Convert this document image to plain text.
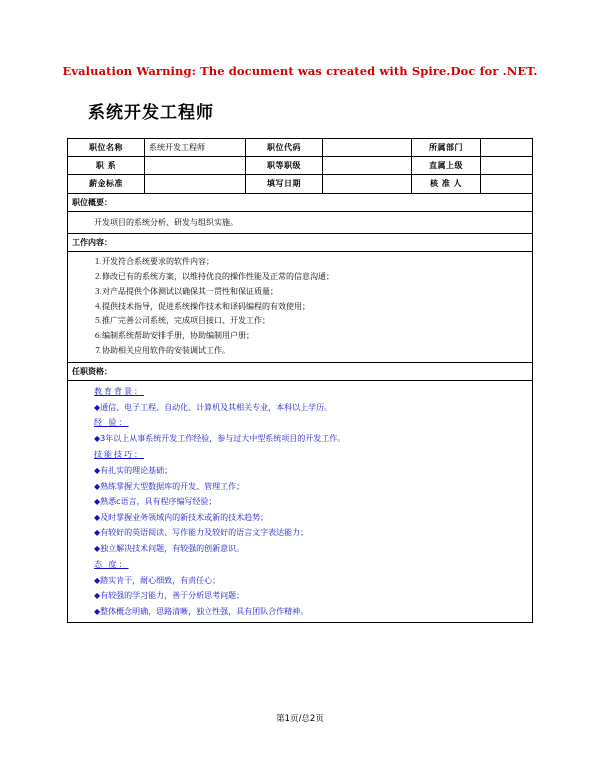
Evaluation Warning: The document was created with Spire.Doc for .NET.
系统开发工程师
职位名称	系统开发工程师	职位代码		所属部门	
职 系		职等职级		直属上级	
薪金标准		填写日期		核 准 人	
职位概要：					

开发项目的系统分析、研发与组织实施。					

工作内容：					

⒈开发符合系统要求的软件内容；
⒉修改已有的系统方案，以维持优良的操作性能及正常的信息沟通；
⒊对产品提供个体测试以确保其一贯性和保证质量；
⒋提供技术指导，促进系统操作技术和译码编程的有效使用；
⒌推广完善公司系统，完成项目接口、开发工作；
⒍编制系统帮助安排手册，协助编制用户册；
⒎协助相关应用软件的安装调试工作。

任职资格：					

教育背景：
◆通信、电子工程、自动化、计算机及其相关专业，本科以上学历。
经 验：
◆3年以上从事系统开发工作经验，参与过大中型系统项目的开发工作。
技能技巧：
◆有扎实的理论基础；
◆熟练掌握大型数据库的开发、管理工作；
◆熟悉c语言，具有程序编写经验；
◆及时掌握业务领域内的新技术或新的技术趋势；
◆有较好的英语阅读、写作能力及较好的语言文字表达能力；
◆独立解决技术问题，有较强的创新意识。
态 度：
◆踏实肯干，耐心细致，有责任心；
◆有较强的学习能力，善于分析思考问题；
◆整体概念明确，思路清晰，独立性强，具有团队合作精神。
第1页/总2页
